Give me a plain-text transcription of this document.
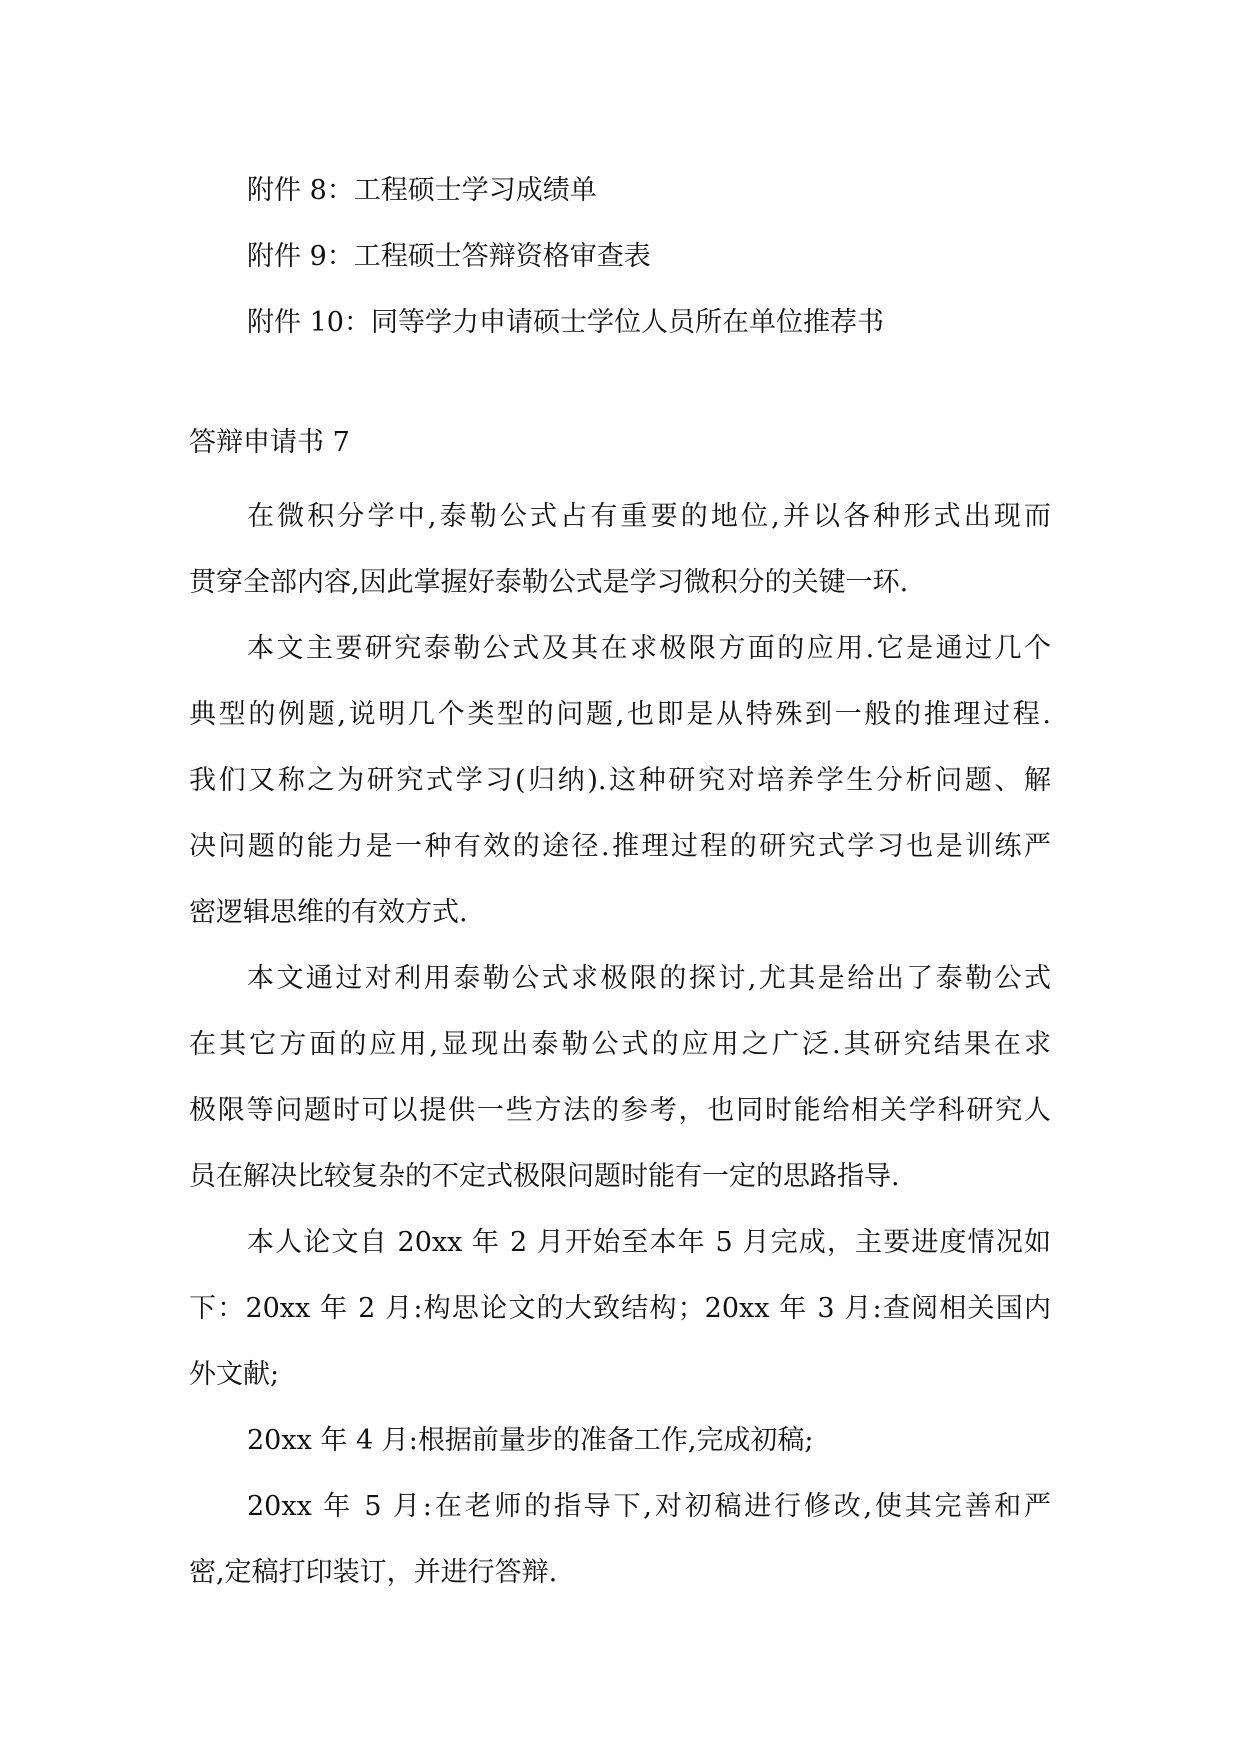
附件 8：工程硕士学习成绩单
附件 9：工程硕士答辩资格审查表
附件 10：同等学力申请硕士学位人员所在单位推荐书
答辩申请书 7
在微积分学中,泰勒公式占有重要的地位,并以各种形式出现而
贯穿全部内容,因此掌握好泰勒公式是学习微积分的关键一环.
本文主要研究泰勒公式及其在求极限方面的应用.它是通过几个
典型的例题,说明几个类型的问题,也即是从特殊到一般的推理过程.
我们又称之为研究式学习(归纳).这种研究对培养学生分析问题、解
决问题的能力是一种有效的途径.推理过程的研究式学习也是训练严
密逻辑思维的有效方式.
本文通过对利用泰勒公式求极限的探讨,尤其是给出了泰勒公式
在其它方面的应用,显现出泰勒公式的应用之广泛.其研究结果在求
极限等问题时可以提供一些方法的参考，也同时能给相关学科研究人
员在解决比较复杂的不定式极限问题时能有一定的思路指导.
本人论文自 20xx 年 2 月开始至本年 5 月完成，主要进度情况如
下：20xx 年 2 月:构思论文的大致结构；20xx 年 3 月:查阅相关国内
外文献;
20xx 年 4 月:根据前量步的准备工作,完成初稿;
20xx 年 5 月:在老师的指导下,对初稿进行修改,使其完善和严
密,定稿打印装订，并进行答辩.
